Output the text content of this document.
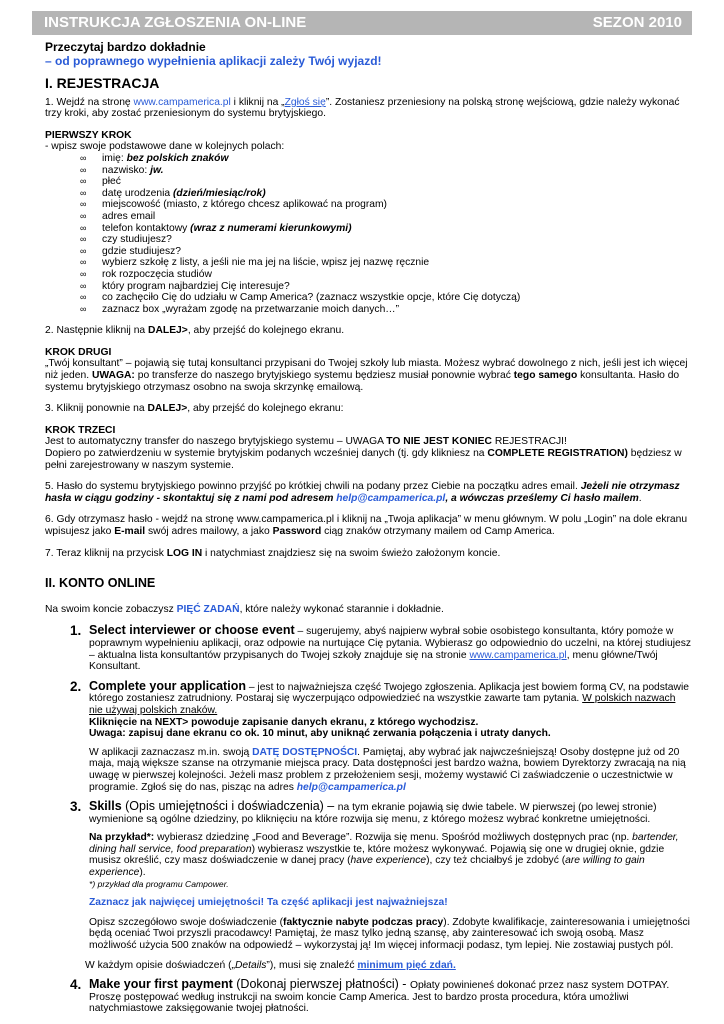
INSTRUKCJA ZGŁOSZENIA ON-LINE	SEZON 2010
Przeczytaj bardzo dokładnie
– od poprawnego wypełnienia aplikacji zależy Twój wyjazd!
I. REJESTRACJA
1. Wejdź na stronę www.campamerica.pl i kliknij na „Zgłoś się”. Zostaniesz przeniesiony na polską stronę wejściową, gdzie należy wykonać trzy kroki, aby zostać przeniesionym do systemu brytyjskiego.
PIERWSZY KROK
- wpisz swoje podstawowe dane w kolejnych polach:
∞ imię: bez polskich znaków
∞ nazwisko: jw.
∞ płeć
∞ datę urodzenia (dzień/miesiąc/rok)
∞ miejscowość (miasto, z którego chcesz aplikować na program)
∞ adres email
∞ telefon kontaktowy (wraz z numerami kierunkowymi)
∞ czy studiujesz?
∞ gdzie studiujesz?
∞ wybierz szkołę z listy, a jeśli nie ma jej na liście, wpisz jej nazwę ręcznie
∞ rok rozpoczęcia studiów
∞ który program najbardziej Cię interesuje?
∞ co zachęciło Cię do udziału w Camp America? (zaznacz wszystkie opcje, które Cię dotyczą)
∞ zaznacz box „wyrażam zgodę na przetwarzanie moich danych…”
2. Następnie kliknij na DALEJ>, aby przejść do kolejnego ekranu.
KROK DRUGI
„Twój konsultant” – pojawią się tutaj konsultanci przypisani do Twojej szkoły lub miasta. Możesz wybrać dowolnego z nich, jeśli jest ich więcej niż jeden. UWAGA: po transferze do naszego brytyjskiego systemu będziesz musiał ponownie wybrać tego samego konsultanta. Hasło do systemu brytyjskiego otrzymasz osobno na swoja skrzynkę emailową.
3. Kliknij ponownie na DALEJ>, aby przejść do kolejnego ekranu:
KROK TRZECI
Jest to automatyczny transfer do naszego brytyjskiego systemu – UWAGA TO NIE JEST KONIEC REJESTRACJI!
Dopiero po zatwierdzeniu w systemie brytyjskim podanych wcześniej danych (tj. gdy klikniesz na COMPLETE REGISTRATION) będziesz w pełni zarejestrowany w naszym systemie.
5. Hasło do systemu brytyjskiego powinno przyjść po krótkiej chwili na podany przez Ciebie na początku adres email. Jeżeli nie otrzymasz hasła w ciągu godziny - skontaktuj się z nami pod adresem help@campamerica.pl, a wówczas prześlemy Ci hasło mailem.
6. Gdy otrzymasz hasło - wejdź na stronę www.campamerica.pl i kliknij na „Twoja aplikacja” w menu głównym. W polu „Login” na dole ekranu wpisujesz jako E-mail swój adres mailowy, a jako Password ciąg znaków otrzymany mailem od Camp America.
7. Teraz kliknij na przycisk LOG IN i natychmiast znajdziesz się na swoim świeżo założonym koncie.
II. KONTO ONLINE
Na swoim koncie zobaczysz PIĘĆ ZADAŃ, które należy wykonać starannie i dokładnie.
1. Select interviewer or choose event – sugerujemy, abyś najpierw wybrał sobie osobistego konsultanta, który pomoże w poprawnym wypełnieniu aplikacji, oraz odpowie na nurtujące Cię pytania. Wybierasz go odpowiednio do uczelni, na której studiujesz – aktualna lista konsultantów przypisanych do Twojej szkoły znajduje się na stronie www.campamerica.pl, menu główne/Twój Konsultant.
2. Complete your application – jest to najważniejsza część Twojego zgłoszenia. Aplikacja jest bowiem formą CV, na podstawie którego zostaniesz zatrudniony. Postaraj się wyczerpująco odpowiedzieć na wszystkie zawarte tam pytania. W polskich nazwach nie używaj polskich znaków.
Kliknięcie na NEXT> powoduje zapisanie danych ekranu, z którego wychodzisz.
Uwaga: zapisuj dane ekranu co ok. 10 minut, aby uniknąć zerwania połączenia i utraty danych.
W aplikacji zaznaczasz m.in. swoją DATĘ DOSTĘPNOŚCI. Pamiętaj, aby wybrać jak najwcześniejszą! Osoby dostępne już od 20 maja, mają większe szanse na otrzymanie miejsca pracy. Data dostępności jest bardzo ważna, bowiem Dyrektorzy zwracają na nią uwagę w pierwszej kolejności. Jeżeli masz problem z przełożeniem sesji, możemy wystawić Ci zaświadczenie o uczestnictwie w programie. Zgłoś się do nas, pisząc na adres help@campamerica.pl
3. Skills (Opis umiejętności i doświadczenia) – na tym ekranie pojawią się dwie tabele. W pierwszej (po lewej stronie) wymienione są ogólne dziedziny, po kliknięciu na które rozwija się menu, z którego możesz wybrać konkretne umiejętności.
Na przykład*: wybierasz dziedzinę „Food and Beverage”. Rozwija się menu. Spośród możliwych dostępnych prac (np. bartender, dining hall service, food preparation) wybierasz wszystkie te, które możesz wykonywać. Pojawią się one w drugiej oknie, gdzie musisz określić, czy masz doświadczenie w danej pracy (have experience), czy też chciałbyś je zdobyć (are willing to gain experience).
*) przykład dla programu Campower.
Zaznacz jak najwięcej umiejętności! Ta część aplikacji jest najważniejsza!
Opisz szczegółowo swoje doświadczenie (faktycznie nabyte podczas pracy). Zdobyte kwalifikacje, zainteresowania i umiejętności będą oceniać Twoi przyszli pracodawcy! Pamiętaj, że masz tylko jedną szansę, aby zainteresować ich swoją osobą. Masz możliwość użycia 500 znaków na odpowiedź – wykorzystaj ją! Im więcej informacji podasz, tym lepiej. Nie zostawiaj pustych pól.
W każdym opisie doświadczeń („Details”), musi się znaleźć minimum pięć zdań.
4. Make your first payment (Dokonaj pierwszej płatności) - Opłaty powinieneś dokonać przez nasz system DOTPAY.
Proszę postępować według instrukcji na swoim koncie Camp America. Jest to bardzo prosta procedura, która umożliwi natychmiastowe zaksięgowanie twojej płatności.
